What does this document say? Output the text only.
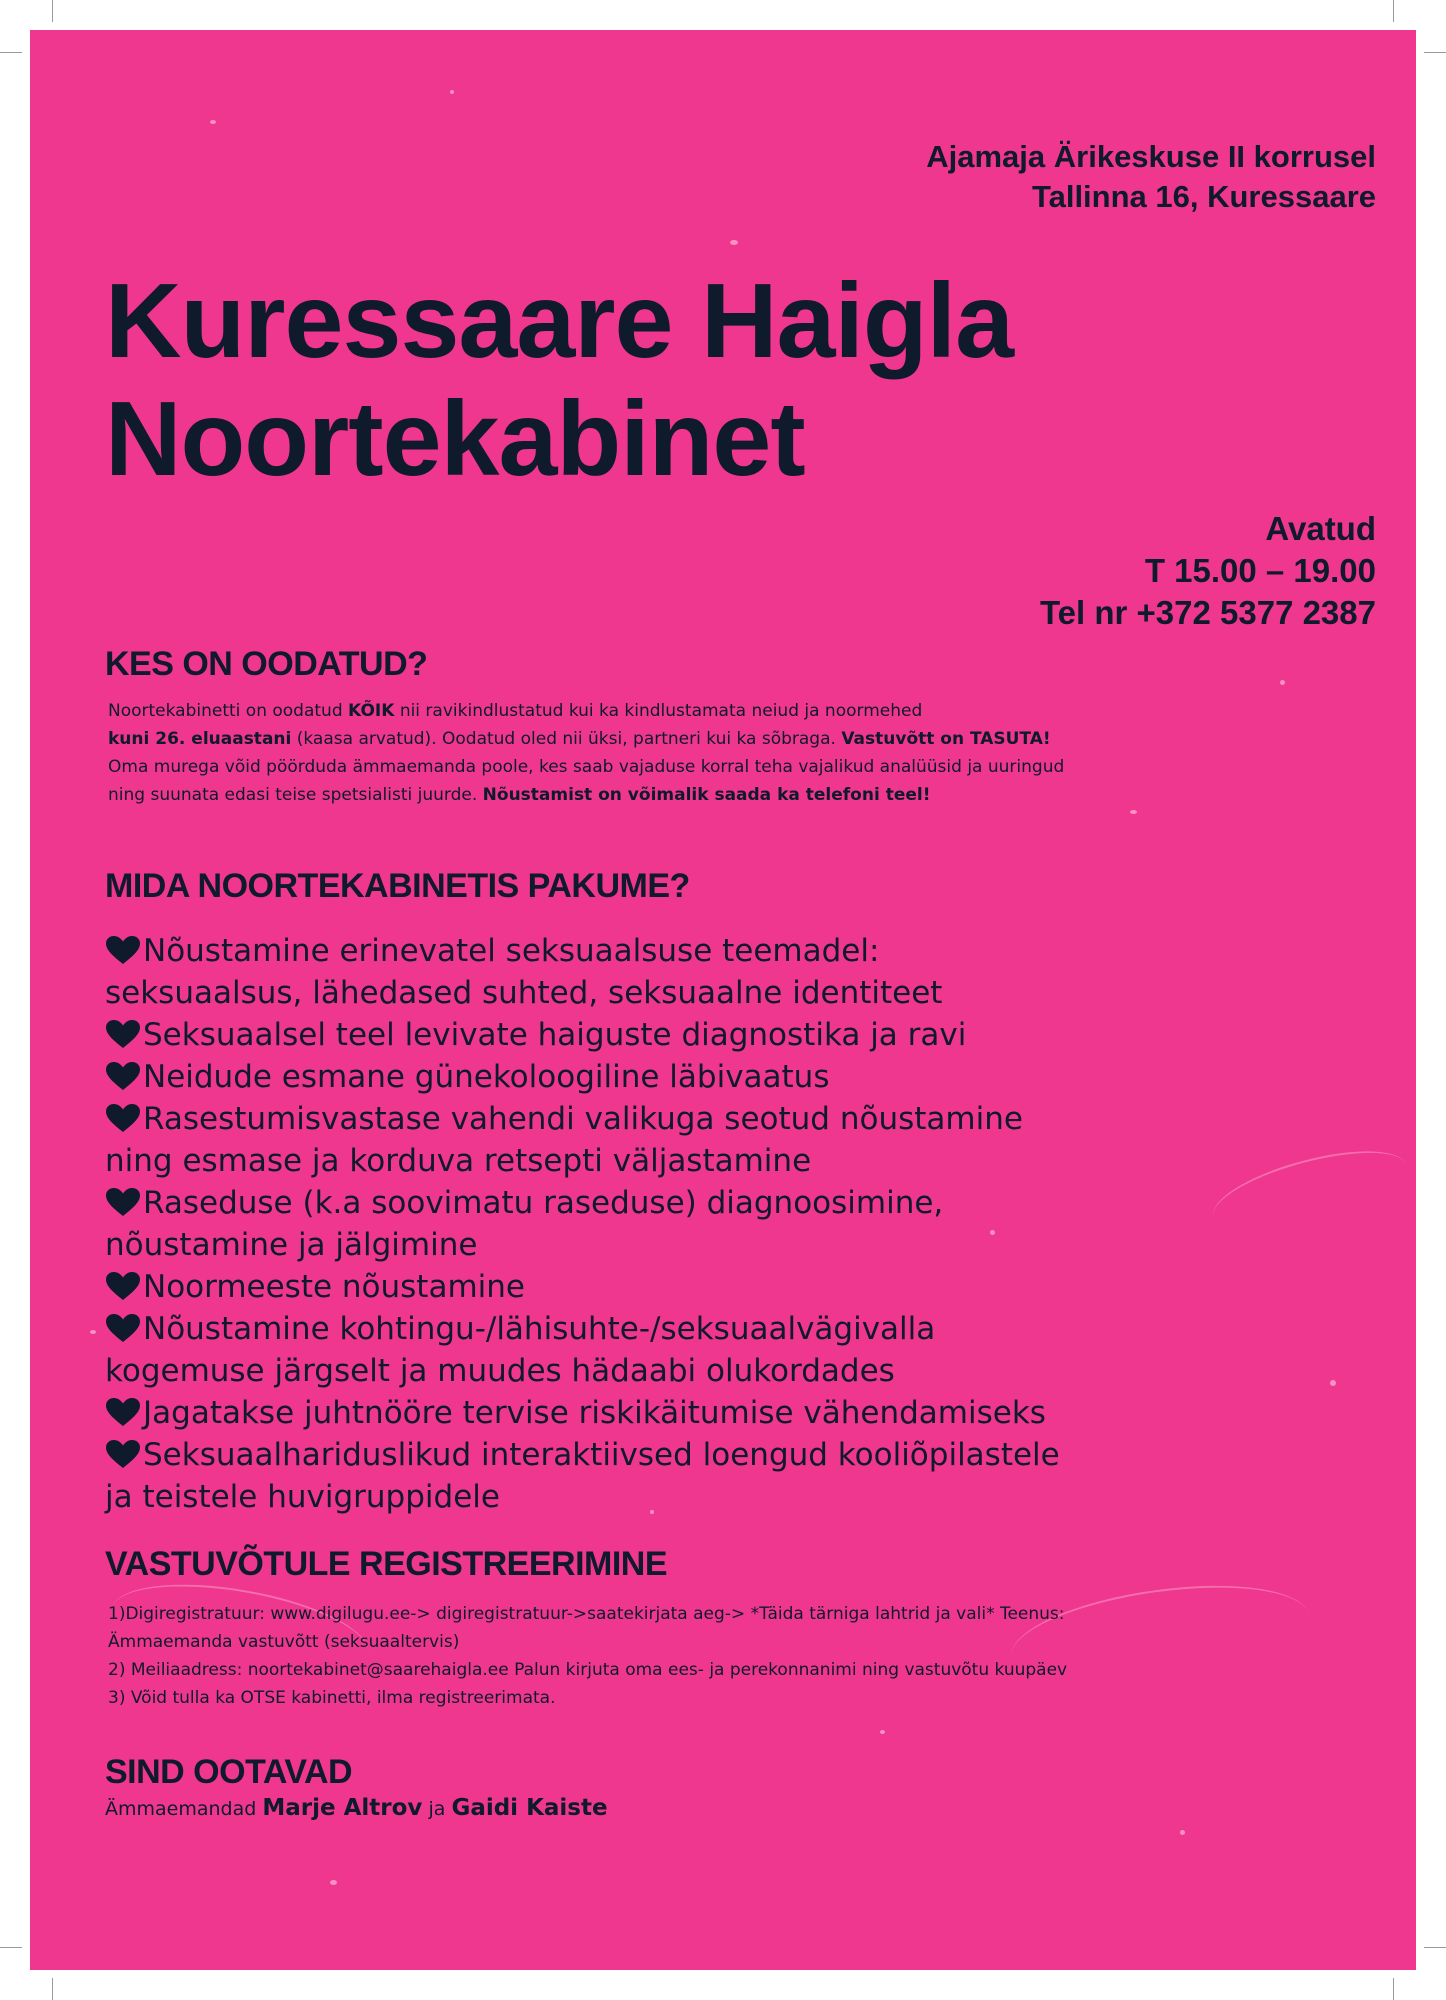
Ajamaja Ärikeskuse II korrusel
Tallinna 16, Kuressaare
Kuressaare Haigla
Noortekabinet
Avatud
T 15.00 – 19.00
Tel nr +372 5377 2387
KES ON OODATUD?
Noortekabinetti on oodatud KÕIK nii ravikindlustatud kui ka kindlustamata neiud ja noormehed
kuni 26. eluaastani (kaasa arvatud). Oodatud oled nii üksi, partneri kui ka sõbraga. Vastuvõtt on TASUTA!
Oma murega võid pöörduda ämmaemanda poole, kes saab vajaduse korral teha vajalikud analüüsid ja uuringud
ning suunata edasi teise spetsialisti juurde. Nõustamist on võimalik saada ka telefoni teel!
MIDA NOORTEKABINETIS PAKUME?
Nõustamine erinevatel seksuaalsuse teemadel:
seksuaalsus, lähedased suhted, seksuaalne identiteet
Seksuaalsel teel levivate haiguste diagnostika ja ravi
Neidude esmane günekoloogiline läbivaatus
Rasestumisvastase vahendi valikuga seotud nõustamine
ning esmase ja korduva retsepti väljastamine
Raseduse (k.a soovimatu raseduse) diagnoosimine,
nõustamine ja jälgimine
Noormeeste nõustamine
Nõustamine kohtingu-/lähisuhte-/seksuaalvägivalla
kogemuse järgselt ja muudes hädaabi olukordades
Jagatakse juhtnööre tervise riskikäitumise vähendamiseks
Seksuaalhariduslikud interaktiivsed loengud kooliõpilastele
ja teistele huvigruppidele
VASTUVÕTULE REGISTREERIMINE
1)Digiregistratuur: www.digilugu.ee-> digiregistratuur->saatekirjata aeg-> *Täida tärniga lahtrid ja vali* Teenus:
Ämmaemanda vastuvõtt (seksuaaltervis)
2) Meiliaadress: noortekabinet@saarehaigla.ee Palun kirjuta oma ees- ja perekonnanimi ning vastuvõtu kuupäev
3) Võid tulla ka OTSE kabinetti, ilma registreerimata.
SIND OOTAVAD
Ämmaemandad Marje Altrov ja Gaidi Kaiste
